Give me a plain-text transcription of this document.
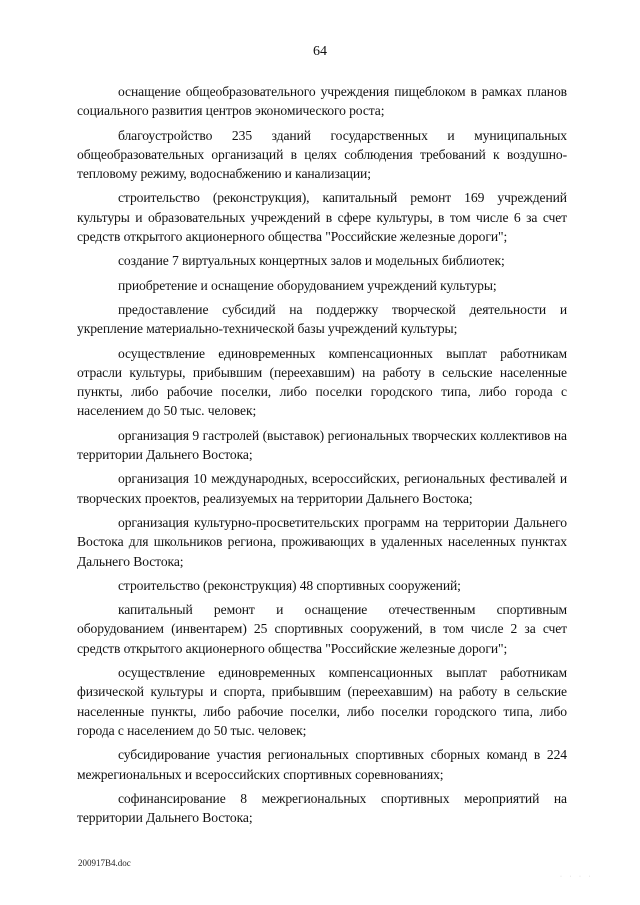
64

оснащение общеобразовательного учреждения пищеблоком в рамках планов социального развития центров экономического роста;

благоустройство 235 зданий государственных и муниципальных общеобразовательных организаций в целях соблюдения требований к воздушно-тепловому режиму, водоснабжению и канализации;

строительство (реконструкция), капитальный ремонт 169 учреждений культуры и образовательных учреждений в сфере культуры, в том числе 6 за счет средств открытого акционерного общества "Российские железные дороги";

создание 7 виртуальных концертных залов и модельных библиотек;

приобретение и оснащение оборудованием учреждений культуры;

предоставление субсидий на поддержку творческой деятельности и укрепление материально-технической базы учреждений культуры;

осуществление единовременных компенсационных выплат работникам отрасли культуры, прибывшим (переехавшим) на работу в сельские населенные пункты, либо рабочие поселки, либо поселки городского типа, либо города с населением до 50 тыс. человек;

организация 9 гастролей (выставок) региональных творческих коллективов на территории Дальнего Востока;

организация 10 международных, всероссийских, региональных фестивалей и творческих проектов, реализуемых на территории Дальнего Востока;

организация культурно-просветительских программ на территории Дальнего Востока для школьников региона, проживающих в удаленных населенных пунктах Дальнего Востока;

строительство (реконструкция) 48 спортивных сооружений;

капитальный ремонт и оснащение отечественным спортивным оборудованием (инвентарем) 25 спортивных сооружений, в том числе 2 за счет средств открытого акционерного общества "Российские железные дороги";

осуществление единовременных компенсационных выплат работникам физической культуры и спорта, прибывшим (переехавшим) на работу в сельские населенные пункты, либо рабочие поселки, либо поселки городского типа, либо города с населением до 50 тыс. человек;

субсидирование участия региональных спортивных сборных команд в 224 межрегиональных и всероссийских спортивных соревнованиях;

софинансирование 8 межрегиональных спортивных мероприятий на территории Дальнего Востока;

200917B4.doc
· · · ·
